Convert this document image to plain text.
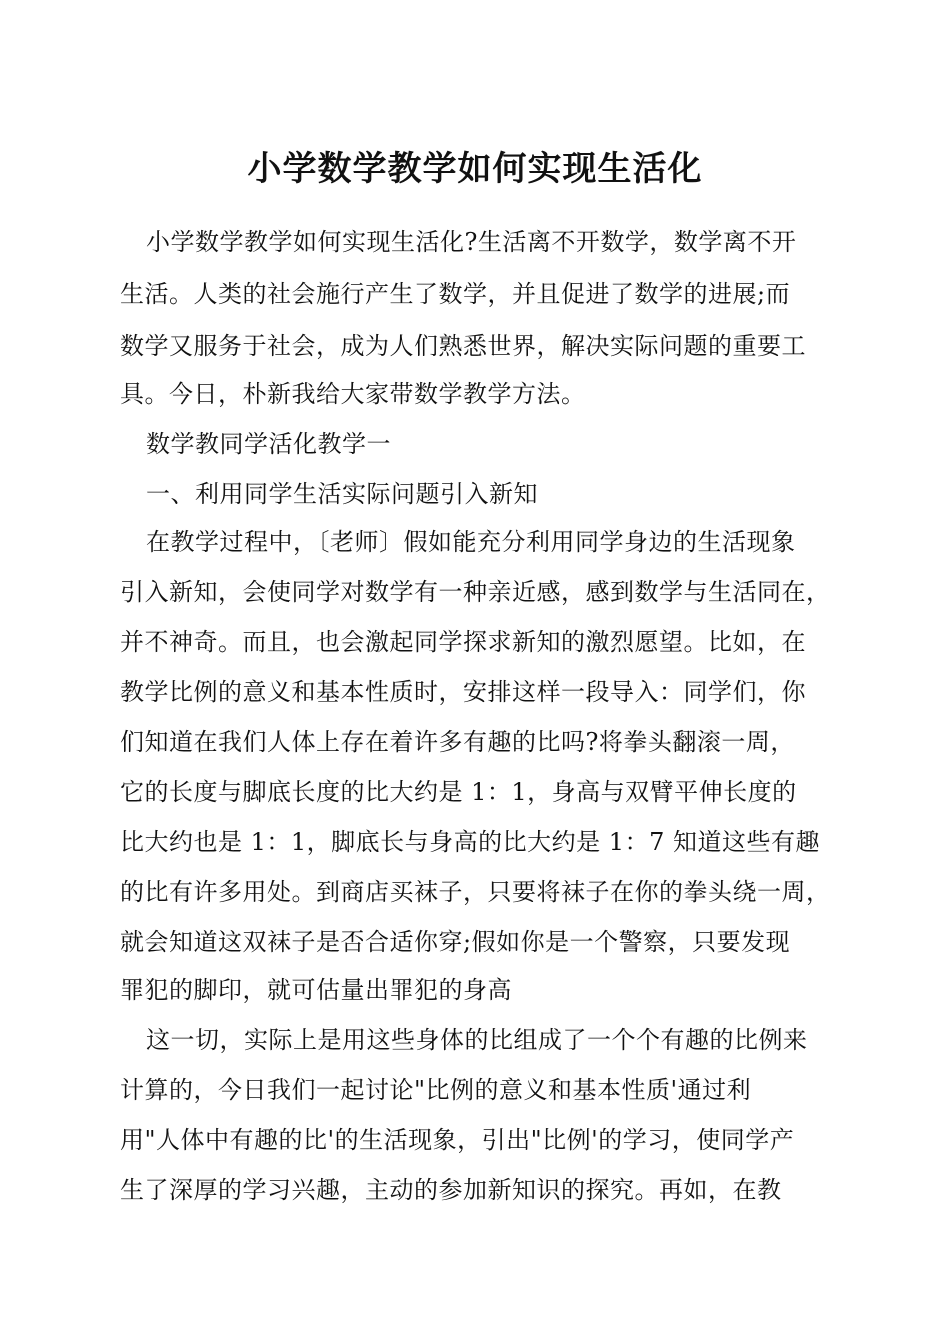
小学数学教学如何实现生活化
小学数学教学如何实现生活化?生活离不开数学，数学离不开
生活。人类的社会施行产生了数学，并且促进了数学的进展;而
数学又服务于社会，成为人们熟悉世界，解决实际问题的重要工
具。今日，朴新我给大家带数学教学方法。
数学教同学活化教学一
一、利用同学生活实际问题引入新知
在教学过程中，〔老师〕假如能充分利用同学身边的生活现象
引入新知，会使同学对数学有一种亲近感，感到数学与生活同在，
并不神奇。而且，也会激起同学探求新知的激烈愿望。比如，在
教学比例的意义和基本性质时，安排这样一段导入：同学们，你
们知道在我们人体上存在着许多有趣的比吗?将拳头翻滚一周，
它的长度与脚底长度的比大约是 1：1，身高与双臂平伸长度的
比大约也是 1：1，脚底长与身高的比大约是 1：7 知道这些有趣
的比有许多用处。到商店买袜子，只要将袜子在你的拳头绕一周，
就会知道这双袜子是否合适你穿;假如你是一个警察，只要发现
罪犯的脚印，就可估量出罪犯的身高
这一切，实际上是用这些身体的比组成了一个个有趣的比例来
计算的，今日我们一起讨论"比例的意义和基本性质'通过利
用"人体中有趣的比'的生活现象，引出"比例'的学习，使同学产
生了深厚的学习兴趣，主动的参加新知识的探究。再如，在教
